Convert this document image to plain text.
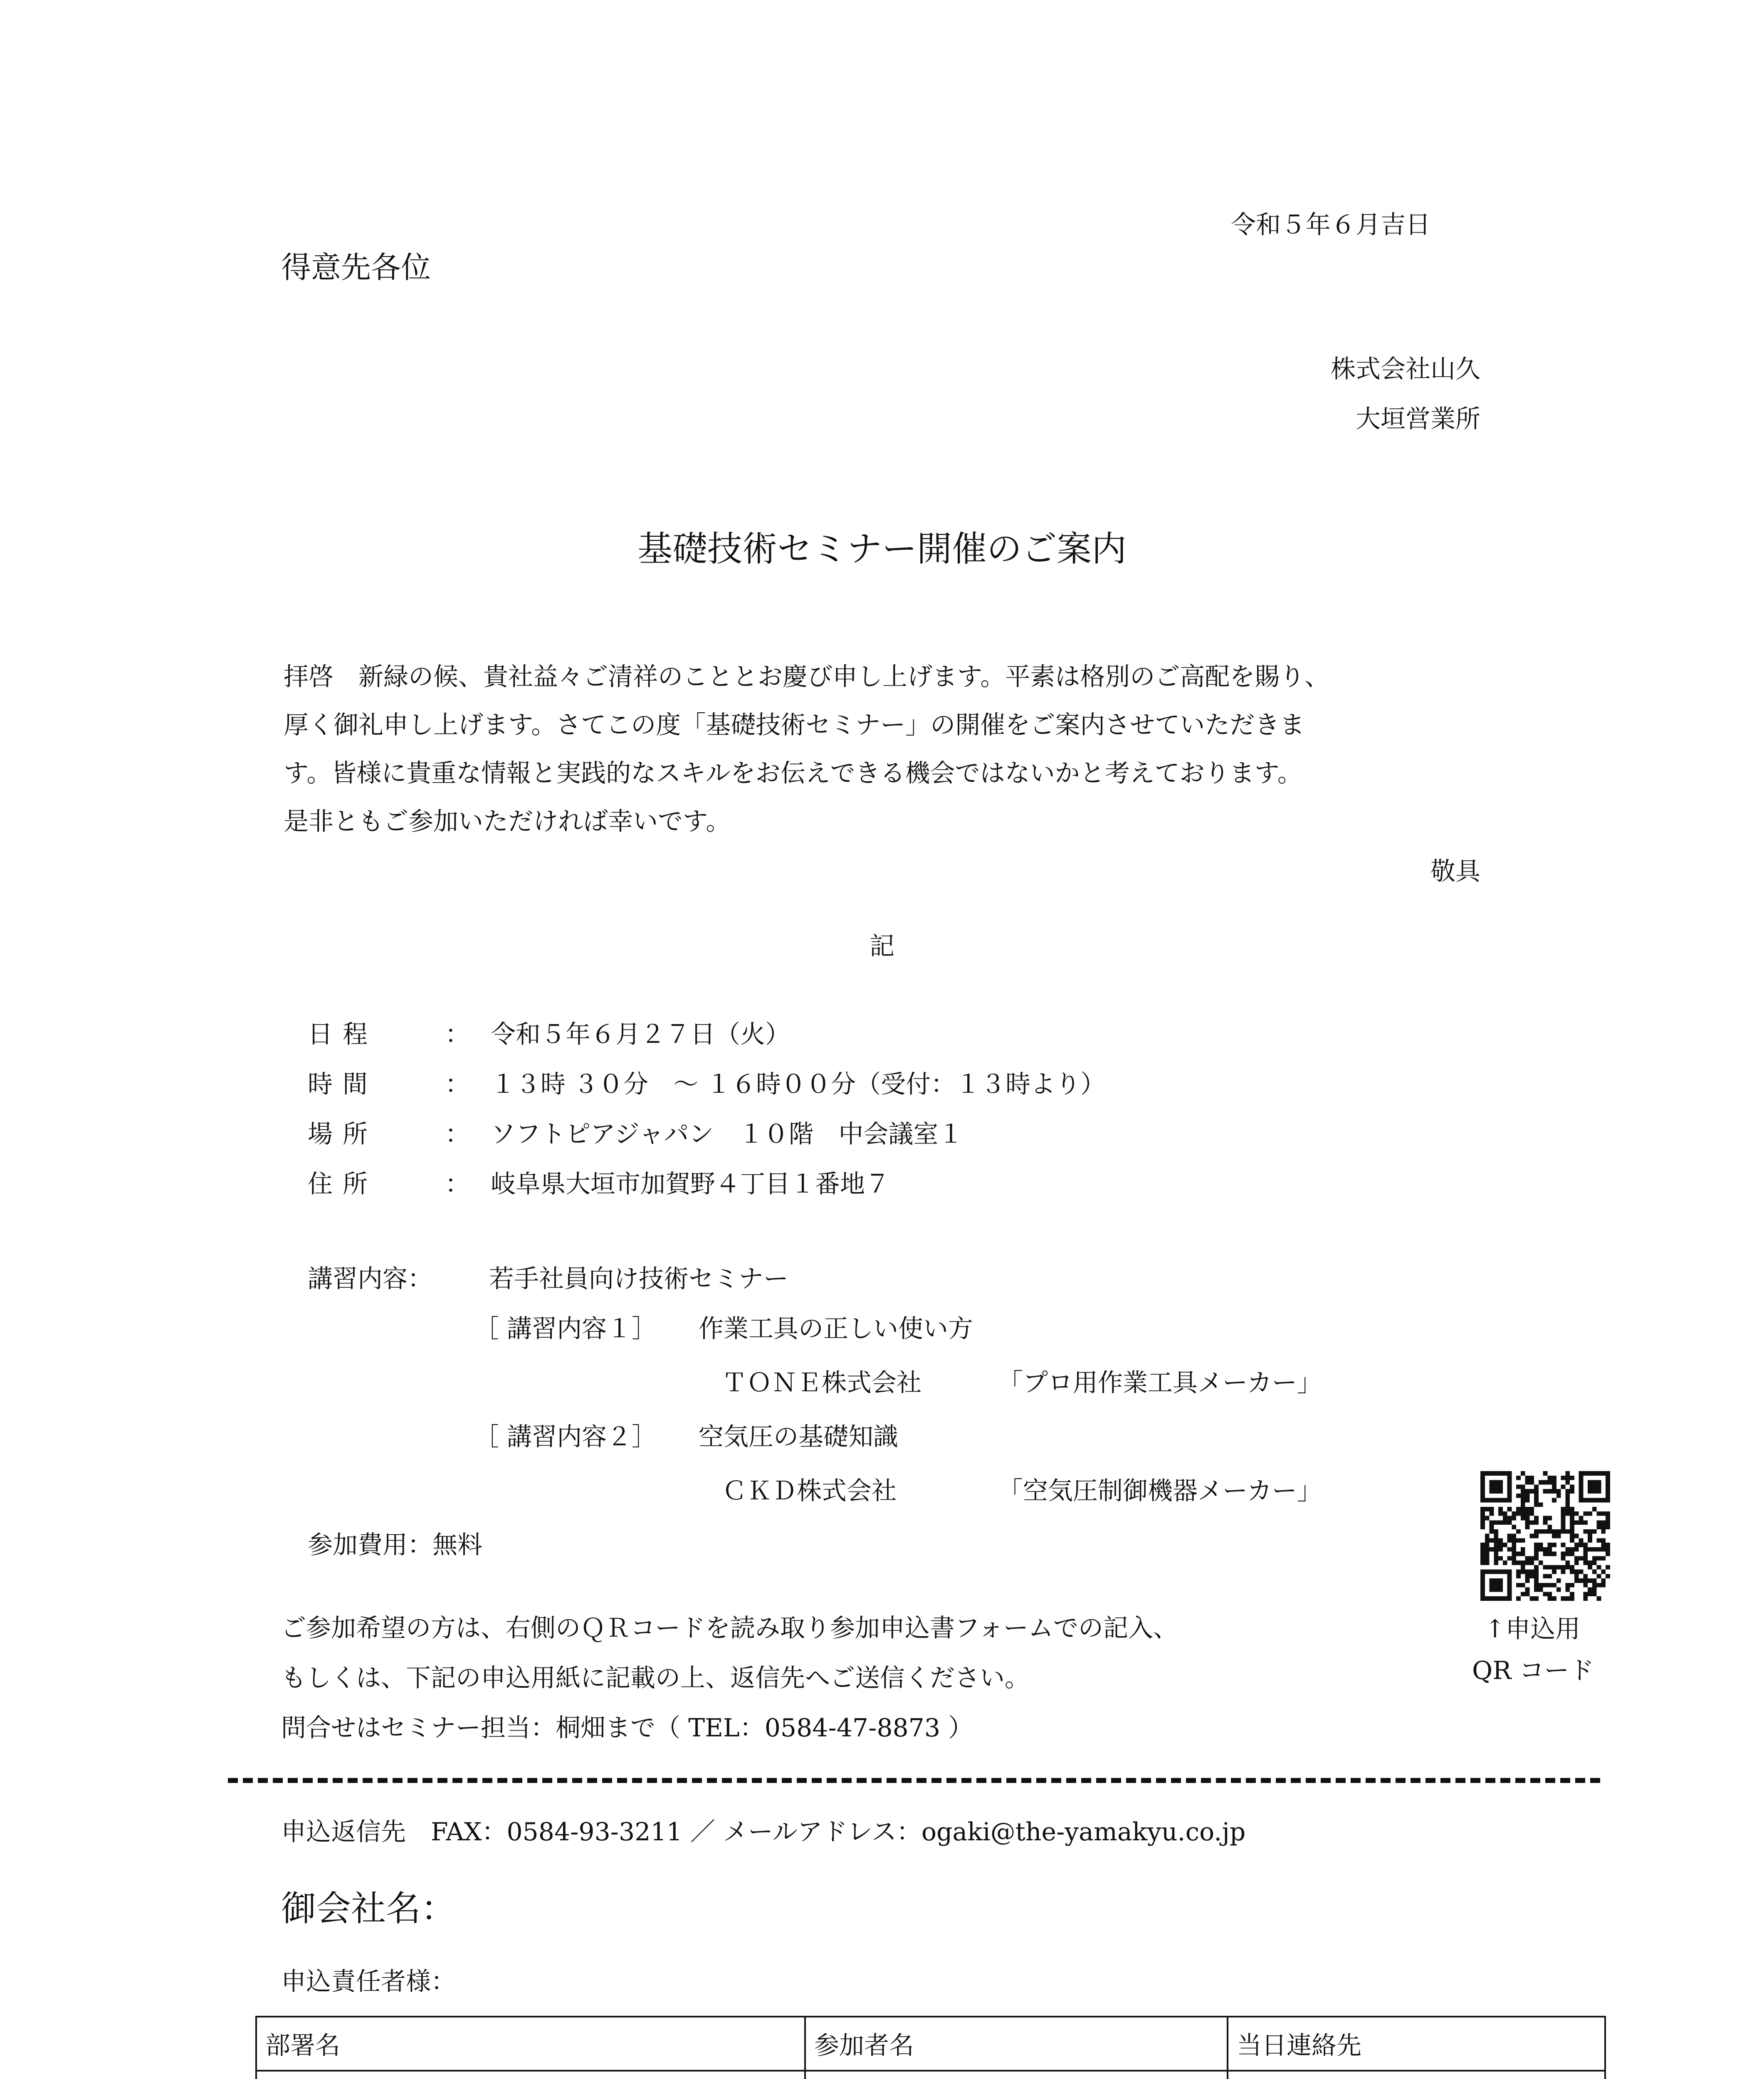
令和５年６月吉日
得意先各位
株式会社山久
大垣営業所
基礎技術セミナー開催のご案内
拝啓　新緑の候、貴社益々ご清祥のこととお慶び申し上げます。平素は格別のご高配を賜り、
厚く御礼申し上げます。さてこの度「基礎技術セミナー」の開催をご案内させていただきま
す。皆様に貴重な情報と実践的なスキルをお伝えできる機会ではないかと考えております。
是非ともご参加いただければ幸いです。
敬具
記
日程	： 令和５年６月２７日（火）
時間	： １３時 ３０分　～ １６時００分（受付：１３時より）
場所	： ソフトピアジャパン　１０階　中会議室１
住所	： 岐阜県大垣市加賀野４丁目１番地７
講習内容： 若手社員向け技術セミナー
［ 講習内容１］ 作業工具の正しい使い方
ＴＯＮＥ株式会社	「プロ用作業工具メーカー」
［ 講習内容２］ 空気圧の基礎知識
ＣＫＤ株式会社	「空気圧制御機器メーカー」
参加費用：無料
ご参加希望の方は、右側のＱＲコードを読み取り参加申込書フォームでの記入、
もしくは、下記の申込用紙に記載の上、返信先へご送信ください。
問合せはセミナー担当：桐畑まで（ TEL：0584-47-8873 ）
↑申込用
QR コード
申込返信先　FAX：0584-93-3211 ／ メールアドレス：ogaki@the-yamakyu.co.jp
御会社名：
申込責任者様：
部署名	参加者名	当日連絡先
